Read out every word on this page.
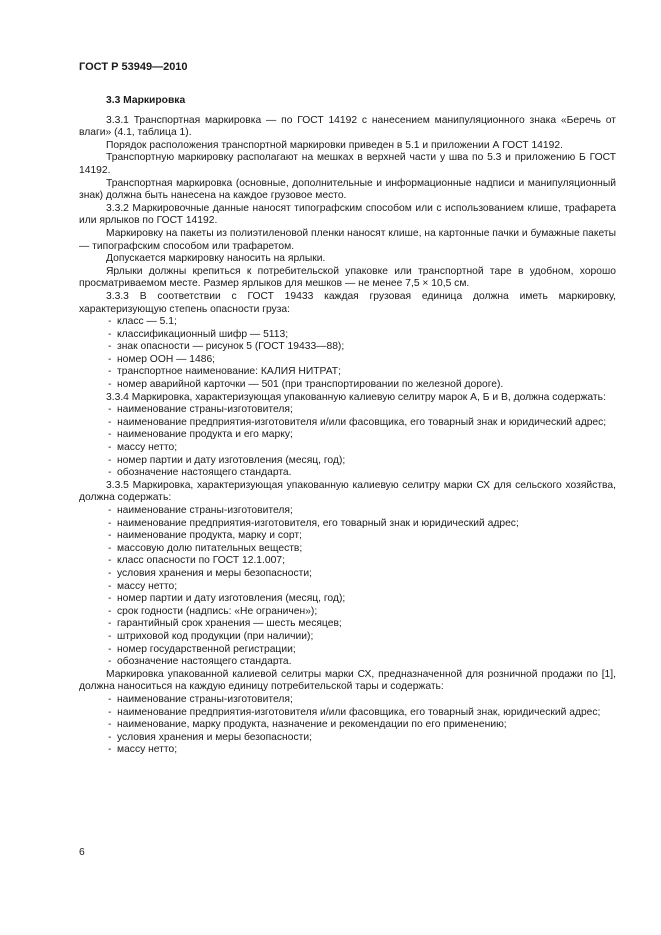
ГОСТ Р 53949—2010
3.3 Маркировка

3.3.1 Транспортная маркировка — по ГОСТ 14192 с нанесением манипуляционного знака «Беречь от влаги» (4.1, таблица 1).

Порядок расположения транспортной маркировки приведен в 5.1 и приложении А ГОСТ 14192.

Транспортную маркировку располагают на мешках в верхней части у шва по 5.3 и приложению Б ГОСТ 14192.

Транспортная маркировка (основные, дополнительные и информационные надписи и манипуляционный знак) должна быть нанесена на каждое грузовое место.

3.3.2 Маркировочные данные наносят типографским способом или с использованием клише, трафарета или ярлыков по ГОСТ 14192.

Маркировку на пакеты из полиэтиленовой пленки наносят клише, на картонные пачки и бумажные пакеты — типографским способом или трафаретом.

Допускается маркировку наносить на ярлыки.

Ярлыки должны крепиться к потребительской упаковке или транспортной таре в удобном, хорошо просматриваемом месте. Размер ярлыков для мешков — не менее 7,5 × 10,5 см.

3.3.3 В соответствии с ГОСТ 19433 каждая грузовая единица должна иметь маркировку, характеризующую степень опасности груза:

- класс — 5.1;
- классификационный шифр — 5113;
- знак опасности — рисунок 5 (ГОСТ 19433—88);
- номер ООН — 1486;
- транспортное наименование: КАЛИЯ НИТРАТ;
- номер аварийной карточки — 501 (при транспортировании по железной дороге).

3.3.4 Маркировка, характеризующая упакованную калиевую селитру марок А, Б и В, должна содержать:

- наименование страны-изготовителя;
- наименование предприятия-изготовителя и/или фасовщика, его товарный знак и юридический адрес;
- наименование продукта и его марку;
- массу нетто;
- номер партии и дату изготовления (месяц, год);
- обозначение настоящего стандарта.

3.3.5 Маркировка, характеризующая упакованную калиевую селитру марки СХ для сельского хозяйства, должна содержать:

- наименование страны-изготовителя;
- наименование предприятия-изготовителя, его товарный знак и юридический адрес;
- наименование продукта, марку и сорт;
- массовую долю питательных веществ;
- класс опасности по ГОСТ 12.1.007;
- условия хранения и меры безопасности;
- массу нетто;
- номер партии и дату изготовления (месяц, год);
- срок годности (надпись: «Не ограничен»);
- гарантийный срок хранения — шесть месяцев;
- штриховой код продукции (при наличии);
- номер государственной регистрации;
- обозначение настоящего стандарта.

Маркировка упакованной калиевой селитры марки СХ, предназначенной для розничной продажи по [1], должна наноситься на каждую единицу потребительской тары и содержать:

- наименование страны-изготовителя;
- наименование предприятия-изготовителя и/или фасовщика, его товарный знак, юридический адрес;
- наименование, марку продукта, назначение и рекомендации по его применению;
- условия хранения и меры безопасности;
- массу нетто;
6
